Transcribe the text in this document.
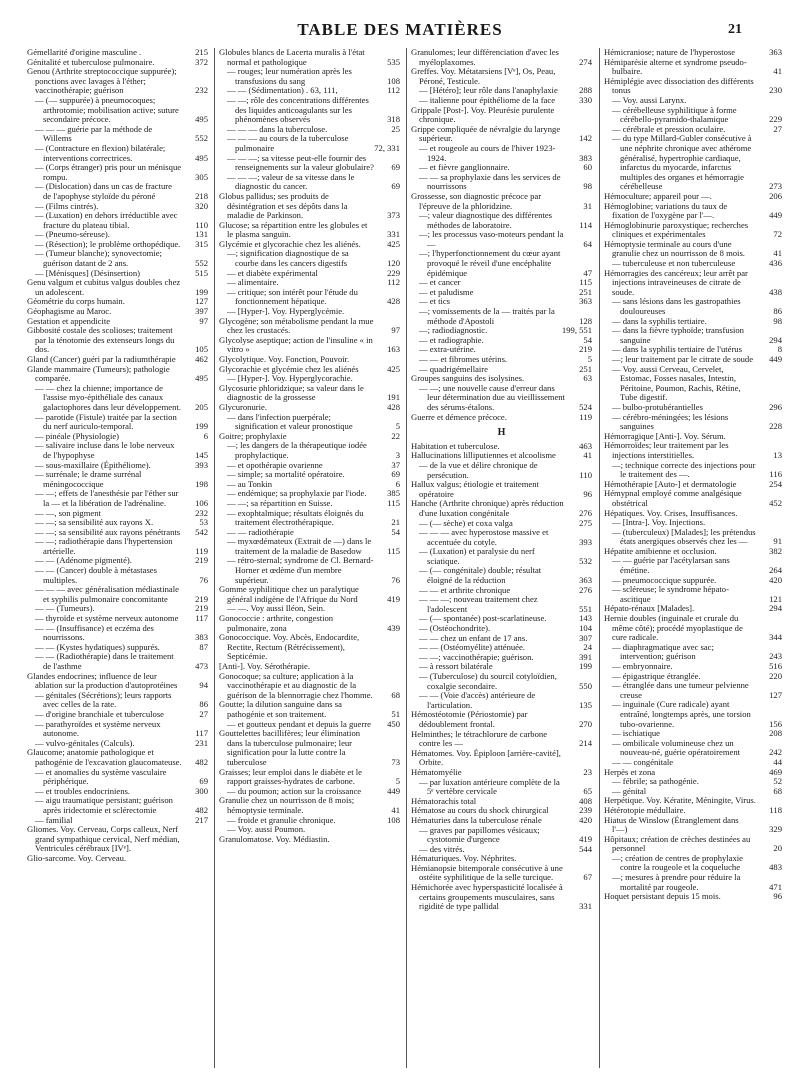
TABLE DES MATIÈRES	21

Gémellarité d'origine masculine .	215

Génitalité et tuberculose pulmonaire.	372

Genou (Arthrite streptococcique suppurée); ponctions avec lavages à l'éther; vaccinothérapie; guérison	232

— (— suppurée) à pneumocoques; arthrotomie; mobilisation active; suture secondaire précoce.	495

— — — guérie par la méthode de Willems	552

— (Contracture en flexion) bilatérale; interventions correctrices.	495

— (Corps étranger) pris pour un ménisque rompu.	305

— (Dislocation) dans un cas de fracture de l'apophyse styloïde du péroné	218

— (Films cintrés).	320

— (Luxation) en dehors irréductible avec fracture du plateau tibial.	110

— (Pneumo-séreuse).	131

— (Résection); le problème orthopédique. 315

— (Tumeur blanche); synovectomie; guérison datant de 2 ans.	552

— [Ménisques] (Désinsertion)	515

Genu valgum et cubitus valgus doubles chez un adolescent.	199

Géométrie du corps humain.	127

Géophagisme au Maroc.	397

Gestation et appendicite	97

Gibbosité costale des scolioses; traitement par la ténotomie des extenseurs longs du dos.	105

Gland (Cancer) guéri par la radiumthérapie 462

Glande mammaire (Tumeurs); pathologie comparée.	495

— — chez la chienne; importance de l'assise myo-épithéliale des canaux galactophores dans leur développement. 205

— parotide (Fistule) traitée par la section du nerf auriculo-temporal.	199

— pinéale (Physiologie)	6

— salivaire incluse dans le lobe nerveux de l'hypophyse	145

— sous-maxillaire (Épithéliome).	393

— surrénale; le drame surrénal méningococcique	198

— —; effets de l'anesthésie par l'éther sur la — et la libération de l'adrénaline.	106

— —, son pigment	232

— —; sa sensibilité aux rayons X.	53

— —; sa sensibilité aux rayons pénétrants 542

— —; radiothérapie dans l'hypertension artérielle.	119

— — (Adénome pigmenté).	219

— — (Cancer) double à métastases multiples.	76

— — — avec généralisation médiastinale et syphilis pulmonaire concomitante	219

— — (Tumeurs).	219

— thyroïde et système nerveux autonome 117

— — (Insuffisance) et eczéma des nourrissons.	383

— — (Kystes hydatiques) suppurés.	87

— — (Radiothérapie) dans le traitement de l'asthme	473

Glandes endocrines; influence de leur ablation sur la production d'autoprotéines	94

— génitales (Sécrétions); leurs rapports avec celles de la rate.	86

— d'origine branchiale et tuberculose	27

— parathyroïdes et système nerveux autonome.	117

— vulvo-génitales (Calculs).	231

Glaucome; anatomie pathologique et pathogénie de l'excavation glaucomateuse. 482

— et anomalies du système vasculaire périphérique.	69

— et troubles endocriniens.	300

— aigu traumatique persistant; guérison après iridectomie et sclérectomie	482

— familial	217

Gliomes. Voy. Cerveau, Corps calleux, Nerf grand sympathique cervical, Nerf médian, Ventricules cérébraux [IVᵉ].

Glio-sarcome. Voy. Cerveau.

Globules blancs de Lacerta muralis à l'état normal et pathologique	535

— rouges; leur numération après les transfusions du sang	108

— — (Sédimentation) . 63, 111,	112

— —; rôle des concentrations différentes des liquides anticoagulants sur les phénomènes observés	318

— — — dans la tuberculose.	25

— — — au cours de la tuberculose pulmonaire	72, 331

— — —; sa vitesse peut-elle fournir des renseignements sur la valeur globulaire? 69

— — —; valeur de sa vitesse dans le diagnostic du cancer.	69

Globus pallidus; ses produits de désintégration et ses dépôts dans la maladie de Parkinson.	373

Glucose; sa répartition entre les globules et le plasma sanguin.	331

Glycémie et glycorachie chez les aliénés.	425

—; signification diagnostique de sa courbe dans les cancers digestifs	120

— et diabète expérimental	229

— alimentaire.	112

— critique; son intérêt pour l'étude du fonctionnement hépatique.	428

— [Hyper-]. Voy. Hyperglycémie.

Glycogène; son métabolisme pendant la mue chez les crustacés.	97

Glycolyse aseptique; action de l'insuline « in vitro »	163

Glycolytique. Voy. Fonction, Pouvoir.

Glycorachie et glycémie chez les aliénés	425

— [Hyper-]. Voy. Hyperglycorachie.

Glycosurie phloridzique; sa valeur dans le diagnostic de la grossesse	191

Glycuronurie.	428

— dans l'infection puerpérale; signification et valeur pronostique	5

Goitre; prophylaxie	22

—; les dangers de la thérapeutique iodée prophylactique.	3

— et opothérapie ovarienne	37

— simple; sa mortalité opératoire.	69

— au Tonkin	6

— endémique; sa prophylaxie par l'iode. 385

— —; sa répartition en Suisse.	115

— exophtalmique; résultats éloignés du traitement électrothérapique.	21

— — radiothérapie	54

— myxœdémateux (Extrait de —) dans le traitement de la maladie de Basedow	115

— rétro-sternal; syndrome de Cl. Bernard-Horner et œdème d'un membre supérieur.	76

Gomme syphilitique chez un paralytique général indigène de l'Afrique du Nord	419

— —. Voy aussi Iléon, Sein.

Gonococcie : arthrite, congestion pulmonaire, zona	439

Gonococcique. Voy. Abcès, Endocardite, Rectite, Rectum (Rétrécissement), Septicémie.

[Anti-]. Voy. Sérothérapie.

Gonocoque; sa culture; application à la vaccinothérapie et au diagnostic de la guérison de la blennorragie chez l'homme. 68

Goutte; la dilution sanguine dans sa pathogénie et son traitement.	51

— et goutteux pendant et depuis la guerre 450

Gouttelettes bacillifères; leur élimination dans la tuberculose pulmonaire; leur signification pour la lutte contre la tuberculose	73

Graisses; leur emploi dans le diabète et le rapport graisses-hydrates de carbone.	5

— du poumon; action sur la croissance	449

Granulie chez un nourrisson de 8 mois; hémoptysie terminale.	41

— froide et granulie chronique.	108

— Voy. aussi Poumon.

Granulomatose. Voy. Médiastin.

Granulomes; leur différenciation d'avec les myéloplaxomes.	274

Greffes. Voy. Métatarsiens [Vᵉ], Os, Peau, Péroné, Testicule.

— [Hétéro]; leur rôle dans l'anaphylaxie 288

— italienne pour épithéliome de la face	330

Grippale [Post-]. Voy. Pleurésie purulente chronique.

Grippe compliquée de névralgie du larynge supérieur.	142

— et rougeole au cours de l'hiver 1923-1924.	383

— et fièvre ganglionnaire.	60

— — sa prophylaxie dans les services de nourrissons	98

Grossesse, son diagnostic précoce par l'épreuve de la phloridzine.	31

—; valeur diagnostique des différentes méthodes de laboratoire.	114

—; les processus vaso-moteurs pendant la —	64

—; l'hyperfonctionnement du cœur ayant provoqué le réveil d'une encéphalite épidémique	47

— et cancer	115

— et paludisme	251

— et tics	363

—; vomissements de la — traités par la méthode d'Apostoli	128

—; radiodiagnostic.	199, 551

— et radiographie.	54

— extra-utérine.	219

— — et fibromes utérins.	5

— quadrigémellaire	251

Groupes sanguins des isolysines.	63

— —; une nouvelle cause d'erreur dans leur détermination due au vieillissement des sérums-étalons.	524

Guerre et démence précoce.	119

H

Habitation et tuberculose.	463

Hallucinations lilliputiennes et alcoolisme	41

— de la vue et délire chronique de persécution.	110

Hallux valgus; étiologie et traitement opératoire	96

Hanche (Arthrite chronique) après réduction d'une luxation congénitale	276

— (— sèche) et coxa valga	275

— — — avec hyperostose massive et accentuée du cotyle.	393

— (Luxation) et paralysie du nerf sciatique.	532

— (— congénitale) double; résultat éloigné de la réduction	363

— — et arthrite chronique	276

— — —; nouveau traitement chez l'adolescent	551

— (— spontanée) post-scarlatineuse.	143

— (Ostéochondrite).	104

— — chez un enfant de 17 ans.	307

— — (Ostéomyélite) atténuée.	24

— —; vaccinothérapie; guérison.	391

— à ressort bilatérale	199

— (Tuberculose) du sourcil cotyloïdien, coxalgie secondaire.	550

— — (Voie d'accès) antérieure de l'articulation.	135

Hémostéotomie (Périostomie) par dédoublement frontal.	270

Helminthes; le tétrachlorure de carbone contre les —	214

Hématomes. Voy. Épiploon [arrière-cavité], Orbite.

Hématomyélie	23

— par luxation antérieure complète de la 5ᵉ vertèbre cervicale	65

Hématorachis total	408

Hématose au cours du shock chirurgical	239

Hématuries dans la tuberculose rénale	420

— graves par papillomes vésicaux; cystotomie d'urgence	419

— des vitrés.	544

Hématuriques. Voy. Néphrites.

Hémianopsie bitemporale consécutive à une ostéite syphilitique de la selle turcique.	67

Hémichorée avec hyperspasticité localisée à certains groupements musculaires, sans rigidité de type pallidal	331

Hémicraniose; nature de l'hyperostose	363

Hémiparésie alterne et syndrome pseudo-bulbaire.	41

Hémiplégie avec dissociation des différents tonus	230

— Voy. aussi Larynx.

— cérébelleuse syphilitique à forme cérébello-pyramido-thalamique	229

— cérébrale et pression oculaire.	27

— du type Millard-Gubler consécutive à une néphrite chronique avec athérome généralisé, hypertrophie cardiaque, infarctus du myocarde, infarctus multiples des organes et hémorragie cérébelleuse	273

Hémoculture; appareil pour —.	206

Hémoglobine; variations du taux de fixation de l'oxygène par l'—.	449

Hémoglobinurie paroxystique; recherches cliniques et expérimentales	72

Hémoptysie terminale au cours d'une granulie chez un nourrisson de 8 mois.	41

— tuberculeuse et non tuberculeuse	436

Hémorragies des cancéreux; leur arrêt par injections intraveineuses de citrate de soude.	438

— sans lésions dans les gastropathies douloureuses	86

— dans la syphilis tertiaire.	98

— dans la fièvre typhoïde; transfusion sanguine	294

— dans la syphilis tertiaire de l'utérus	8

—; leur traitement par le citrate de soude 449

— Voy. aussi Cerveau, Cervelet, Estomac, Fosses nasales, Intestin, Péritoine, Poumon, Rachis, Rétine, Tube digestif.

— bulbo-protubérantielles	296

— cérébro-méningées; les lésions sanguines	228

Hémorragique [Anti-]. Voy. Sérum.

Hémorroïdes; leur traitement par les injections interstitielles.	13

—; technique correcte des injections pour le traitement des —.	116

Hémothérapie [Auto-] et dermatologie	254

Hémypnal employé comme analgésique obstétrical	452

Hépatiques. Voy. Crises, Insuffisances.

— [Intra-]. Voy. Injections.

— (tuberculeux) [Malades]; les prétendus états anergiques observés chez les —	91

Hépatite amibienne et occlusion.	382

— — guérie par l'acétylarsan sans émétine.	264

— pneumococcique suppurée.	420

— scléreuse; le syndrome hépato-ascitique	121

Hépato-rénaux [Malades].	294

Hernie doubles (inguinale et crurale du même côté); procédé myoplastique de cure radicale.	344

— diaphragmatique avec sac; intervention; guérison	243

— embryonnaire.	516

— épigastrique étranglée.	220

— étranglée dans une tumeur pelvienne creuse	127

— inguinale (Cure radicale) ayant entraîné, longtemps après, une torsion tubo-ovarienne.	156

— ischiatique	208

— ombilicale volumineuse chez un nouveau-né, guérie opératoirement	242

— — congénitale	44

Herpès et zona	469

— fébrile; sa pathogénie.	52

— génital	68

Herpétique. Voy. Kératite, Méningite, Virus.

Hétérotopie médullaire.	118

Hiatus de Winslow (Étranglement dans l'—)	329

Hôpitaux; création de crèches destinées au personnel	20

—; création de centres de prophylaxie contre la rougeole et la coqueluche	483

—; mesures à prendre pour réduire la mortalité par rougeole.	471

Hoquet persistant depuis 15 mois.	96
